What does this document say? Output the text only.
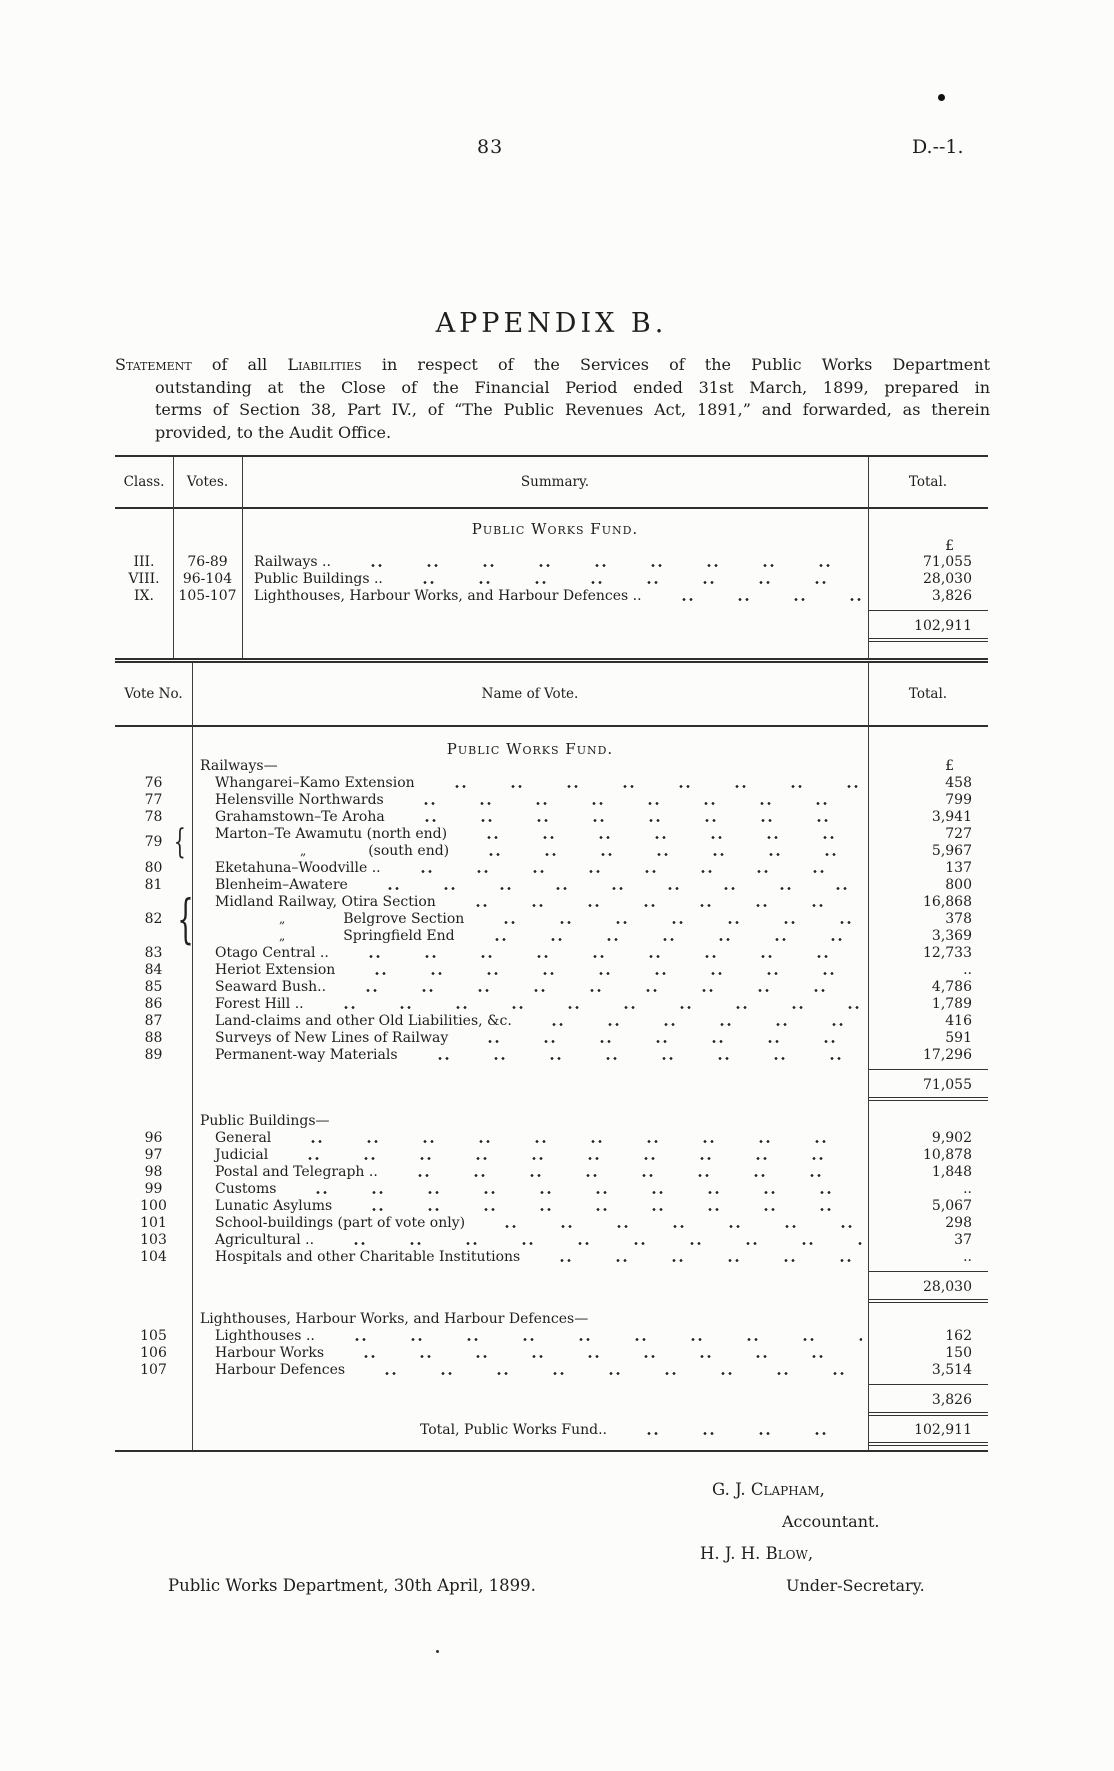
83	D.--1.
APPENDIX B.

Statement of all Liabilities in respect of the Services of the Public Works Department
outstanding at the Close of the Financial Period ended 31st March, 1899, prepared in
terms of Section 38, Part IV., of “The Public Revenues Act, 1891,” and forwarded, as therein
provided, to the Audit Office.

Class.	Votes.	Summary.	Total.
Public Works Fund.
£
III.	76-89	Railways ..	71,055
VIII.	96-104	Public Buildings ..	28,030
IX.	105-107	Lighthouses, Harbour Works, and Harbour Defences ..	3,826
102,911
Vote No.	Name of Vote.	Total.
Public Works Fund.
Railways—	£
76	Whangarei–Kamo Extension	458
77	Helensville Northwards	799
78	Grahamstown–Te Aroha	3,941
79 {	Marton–Te Awamutu (north end)	727
„	(south end)	5,967
80	Eketahuna–Woodville ..	137
81	Blenheim–Awatere	800
Midland Railway, Otira Section	16,868
82 {	„	Belgrove Section	378
„	Springfield End	3,369
83	Otago Central ..	12,733
84	Heriot Extension	..
85	Seaward Bush..	4,786
86	Forest Hill ..	1,789
87	Land-claims and other Old Liabilities, &c.	416
88	Surveys of New Lines of Railway	591
89	Permanent-way Materials	17,296
71,055
Public Buildings—
96	General	9,902
97	Judicial	10,878
98	Postal and Telegraph ..	1,848
99	Customs	..
100	Lunatic Asylums	5,067
101	School-buildings (part of vote only)	298
103	Agricultural ..	37
104	Hospitals and other Charitable Institutions	..
28,030
Lighthouses, Harbour Works, and Harbour Defences—
105	Lighthouses ..	162
106	Harbour Works	150
107	Harbour Defences	3,514
3,826
Total, Public Works Fund..	102,911
G. J. Clapham,
Accountant.
H. J. H. Blow,
Under-Secretary.
Public Works Department, 30th April, 1899.
